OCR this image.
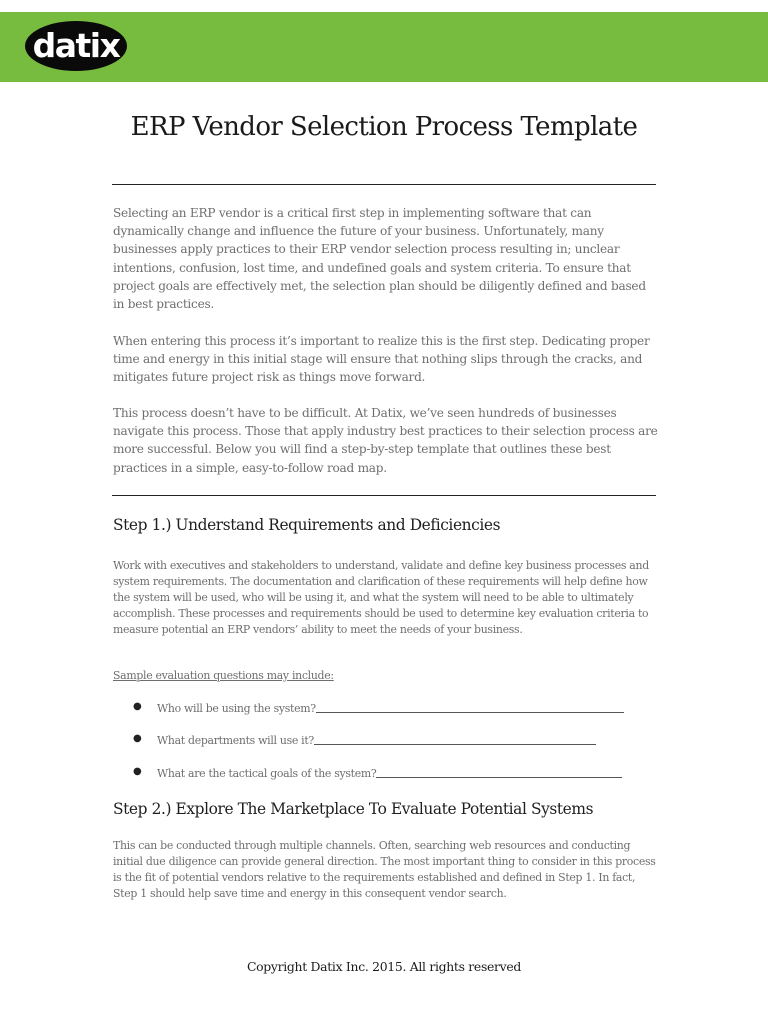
datix
ERP Vendor Selection Process Template

Selecting an ERP vendor is a critical first step in implementing software that can dynamically change and influence the future of your business. Unfortunately, many businesses apply practices to their ERP vendor selection process resulting in; unclear intentions, confusion, lost time, and undefined goals and system criteria. To ensure that project goals are effectively met, the selection plan should be diligently defined and based in best practices.

When entering this process it’s important to realize this is the first step. Dedicating proper time and energy in this initial stage will ensure that nothing slips through the cracks, and mitigates future project risk as things move forward.

This process doesn’t have to be difficult. At Datix, we’ve seen hundreds of businesses navigate this process. Those that apply industry best practices to their selection process are more successful. Below you will find a step-by-step template that outlines these best practices in a simple, easy-to-follow road map.

Step 1.) Understand Requirements and Deficiencies

Work with executives and stakeholders to understand, validate and define key business processes and system requirements. The documentation and clarification of these requirements will help define how the system will be used, who will be using it, and what the system will need to be able to ultimately accomplish. These processes and requirements should be used to determine key evaluation criteria to measure potential an ERP vendors’ ability to meet the needs of your business.

Sample evaluation questions may include:

● Who will be using the system?
● What departments will use it?
● What are the tactical goals of the system?
Step 2.) Explore The Marketplace To Evaluate Potential Systems

This can be conducted through multiple channels. Often, searching web resources and conducting initial due diligence can provide general direction. The most important thing to consider in this process is the fit of potential vendors relative to the requirements established and defined in Step 1. In fact, Step 1 should help save time and energy in this consequent vendor search.

Copyright Datix Inc. 2015. All rights reserved
